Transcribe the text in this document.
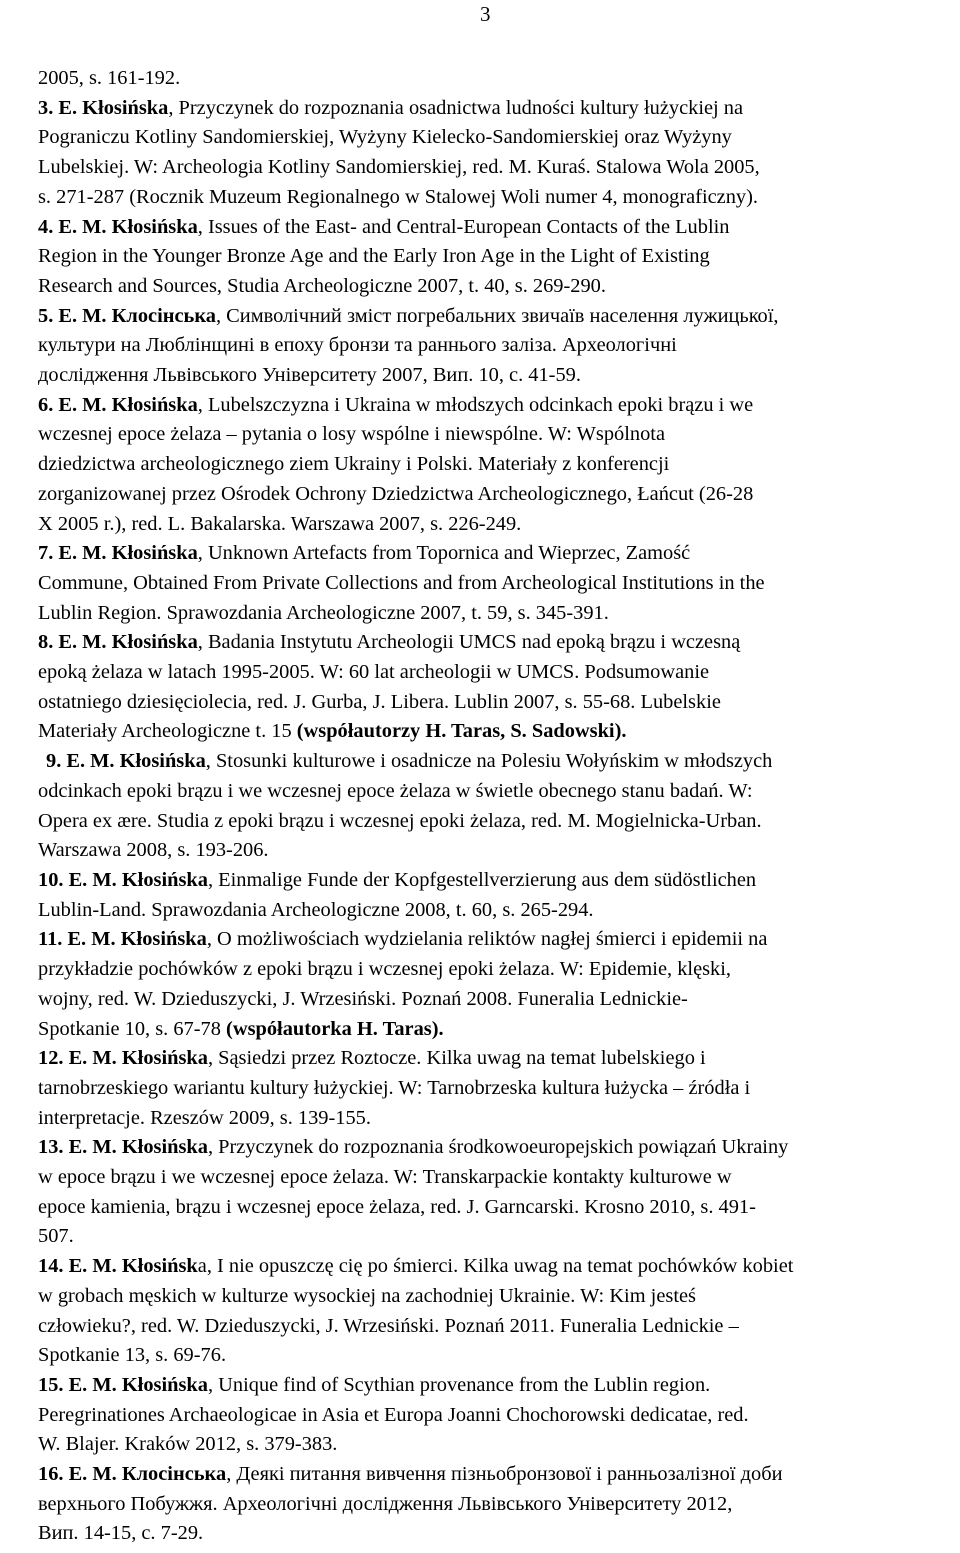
3
2005, s. 161-192.
3. E. Kłosińska, Przyczynek do rozpoznania osadnictwa ludności kultury łużyckiej na
Pograniczu Kotliny Sandomierskiej, Wyżyny Kielecko-Sandomierskiej oraz Wyżyny
Lubelskiej. W: Archeologia Kotliny Sandomierskiej, red. M. Kuraś. Stalowa Wola 2005,
s. 271-287 (Rocznik Muzeum Regionalnego w Stalowej Woli numer 4, monograficzny).
4. E. M. Kłosińska, Issues of the East- and Central-European Contacts of the Lublin
Region in the Younger Bronze Age and the Early Iron Age in the Light of Existing
Research and Sources, Studia Archeologiczne 2007, t. 40, s. 269-290.
5. E. M. Клосінська, Символічний зміст погребальних звичаїв населення лужицької,
культури на Люблінщині в епоху бронзи та раннього заліза. Археологічні
дослідження Львівського Університету 2007, Вип. 10, с. 41-59.
6. E. M. Kłosińska, Lubelszczyzna i Ukraina w młodszych odcinkach epoki brązu i we
wczesnej epoce żelaza – pytania o losy wspólne i niewspólne. W: Wspólnota
dziedzictwa archeologicznego ziem Ukrainy i Polski. Materiały z konferencji
zorganizowanej przez Ośrodek Ochrony Dziedzictwa Archeologicznego, Łańcut (26-28
X 2005 r.), red. L. Bakalarska. Warszawa 2007, s. 226-249.
7. E. M. Kłosińska, Unknown Artefacts from Topornica and Wieprzec, Zamość
Commune, Obtained From Private Collections and from Archeological Institutions in the
Lublin Region. Sprawozdania Archeologiczne 2007, t. 59, s. 345-391.
8. E. M. Kłosińska, Badania Instytutu Archeologii UMCS nad epoką brązu i wczesną
epoką żelaza w latach 1995-2005. W: 60 lat archeologii w UMCS. Podsumowanie
ostatniego dziesięciolecia, red. J. Gurba, J. Libera. Lublin 2007, s. 55-68. Lubelskie
Materiały Archeologiczne t. 15 (współautorzy H. Taras, S. Sadowski).
9. E. M. Kłosińska, Stosunki kulturowe i osadnicze na Polesiu Wołyńskim w młodszych
odcinkach epoki brązu i we wczesnej epoce żelaza w świetle obecnego stanu badań. W:
Opera ex ære. Studia z epoki brązu i wczesnej epoki żelaza, red. M. Mogielnicka-Urban.
Warszawa 2008, s. 193-206.
10. E. M. Kłosińska, Einmalige Funde der Kopfgestellverzierung aus dem südöstlichen
Lublin-Land. Sprawozdania Archeologiczne 2008, t. 60, s. 265-294.
11. E. M. Kłosińska, O możliwościach wydzielania reliktów nagłej śmierci i epidemii na
przykładzie pochówków z epoki brązu i wczesnej epoki żelaza. W: Epidemie, klęski,
wojny, red. W. Dzieduszycki, J. Wrzesiński. Poznań 2008. Funeralia Lednickie-
Spotkanie 10, s. 67-78 (współautorka H. Taras).
12. E. M. Kłosińska, Sąsiedzi przez Roztocze. Kilka uwag na temat lubelskiego i
tarnobrzeskiego wariantu kultury łużyckiej. W: Tarnobrzeska kultura łużycka – źródła i
interpretacje. Rzeszów 2009, s. 139-155.
13. E. M. Kłosińska, Przyczynek do rozpoznania środkowoeuropejskich powiązań Ukrainy
w epoce brązu i we wczesnej epoce żelaza. W: Transkarpackie kontakty kulturowe w
epoce kamienia, brązu i wczesnej epoce żelaza, red. J. Garncarski. Krosno 2010, s. 491-
507.
14. E. M. Kłosińska, I nie opuszczę cię po śmierci. Kilka uwag na temat pochówków kobiet
w grobach męskich w kulturze wysockiej na zachodniej Ukrainie. W: Kim jesteś
człowieku?, red. W. Dzieduszycki, J. Wrzesiński. Poznań 2011. Funeralia Lednickie –
Spotkanie 13, s. 69-76.
15. E. M. Kłosińska, Unique find of Scythian provenance from the Lublin region.
Peregrinationes Archaeologicae in Asia et Europa Joanni Chochorowski dedicatae, red.
W. Blajer. Kraków 2012, s. 379-383.
16. E. M. Клосінська, Деякі питання вивчення пізньобронзової і ранньозалізної доби
верхнього Побужжя. Археологічні дослідження Львівського Університету 2012,
Вип. 14-15, с. 7-29.
